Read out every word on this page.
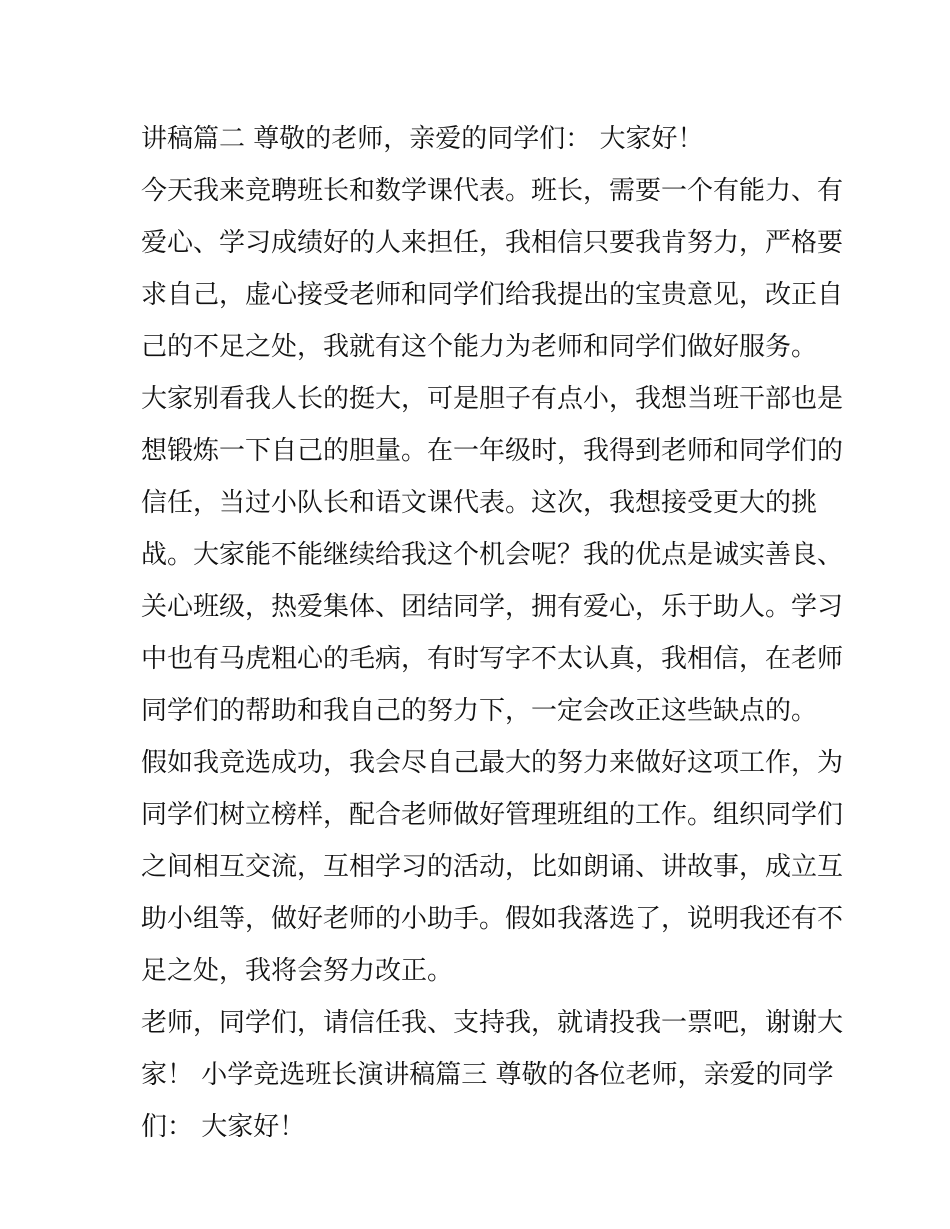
讲稿篇二 尊敬的老师，亲爱的同学们： 大家好！
今天我来竞聘班长和数学课代表。班长，需要一个有能力、有
爱心、学习成绩好的人来担任，我相信只要我肯努力，严格要
求自己，虚心接受老师和同学们给我提出的宝贵意见，改正自
己的不足之处，我就有这个能力为老师和同学们做好服务。
大家别看我人长的挺大，可是胆子有点小，我想当班干部也是
想锻炼一下自己的胆量。在一年级时，我得到老师和同学们的
信任，当过小队长和语文课代表。这次，我想接受更大的挑
战。大家能不能继续给我这个机会呢？我的优点是诚实善良、
关心班级，热爱集体、团结同学，拥有爱心，乐于助人。学习
中也有马虎粗心的毛病，有时写字不太认真，我相信，在老师
同学们的帮助和我自己的努力下，一定会改正这些缺点的。
假如我竞选成功，我会尽自己最大的努力来做好这项工作，为
同学们树立榜样，配合老师做好管理班组的工作。组织同学们
之间相互交流，互相学习的活动，比如朗诵、讲故事，成立互
助小组等，做好老师的小助手。假如我落选了，说明我还有不
足之处，我将会努力改正。
老师，同学们，请信任我、支持我，就请投我一票吧，谢谢大
家！ 小学竞选班长演讲稿篇三 尊敬的各位老师，亲爱的同学
们： 大家好！
